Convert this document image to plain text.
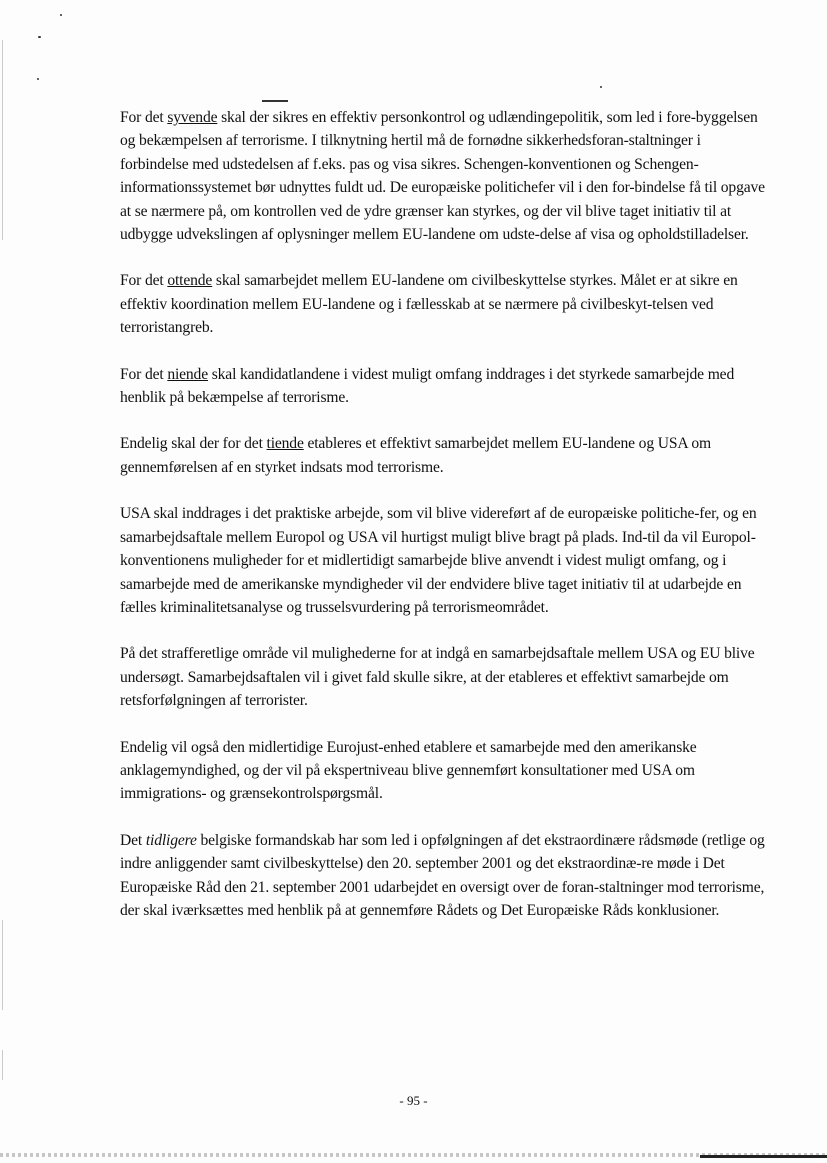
For det syvende skal der sikres en effektiv personkontrol og udlændingepolitik, som led i fore-byggelsen og bekæmpelsen af terrorisme. I tilknytning hertil må de fornødne sikkerhedsforan-staltninger i forbindelse med udstedelsen af f.eks. pas og visa sikres. Schengen-konventionen og Schengen-informationssystemet bør udnyttes fuldt ud. De europæiske politichefer vil i den for-bindelse få til opgave at se nærmere på, om kontrollen ved de ydre grænser kan styrkes, og der vil blive taget initiativ til at udbygge udvekslingen af oplysninger mellem EU-landene om udste-delse af visa og opholdstilladelser.

For det ottende skal samarbejdet mellem EU-landene om civilbeskyttelse styrkes. Målet er at sikre en effektiv koordination mellem EU-landene og i fællesskab at se nærmere på civilbeskyt-telsen ved terroristangreb.

For det niende skal kandidatlandene i videst muligt omfang inddrages i det styrkede samarbejde med henblik på bekæmpelse af terrorisme.

Endelig skal der for det tiende etableres et effektivt samarbejdet mellem EU-landene og USA om gennemførelsen af en styrket indsats mod terrorisme.

USA skal inddrages i det praktiske arbejde, som vil blive videreført af de europæiske politiche-fer, og en samarbejdsaftale mellem Europol og USA vil hurtigst muligt blive bragt på plads. Ind-til da vil Europol-konventionens muligheder for et midlertidigt samarbejde blive anvendt i videst muligt omfang, og i samarbejde med de amerikanske myndigheder vil der endvidere blive taget initiativ til at udarbejde en fælles kriminalitetsanalyse og trusselsvurdering på terrorismeområdet.

På det strafferetlige område vil mulighederne for at indgå en samarbejdsaftale mellem USA og EU blive undersøgt. Samarbejdsaftalen vil i givet fald skulle sikre, at der etableres et effektivt samarbejde om retsforfølgningen af terrorister.

Endelig vil også den midlertidige Eurojust-enhed etablere et samarbejde med den amerikanske anklagemyndighed, og der vil på ekspertniveau blive gennemført konsultationer med USA om immigrations- og grænsekontrolspørgsmål.

Det tidligere belgiske formandskab har som led i opfølgningen af det ekstraordinære rådsmøde (retlige og indre anliggender samt civilbeskyttelse) den 20. september 2001 og det ekstraordinæ-re møde i Det Europæiske Råd den 21. september 2001 udarbejdet en oversigt over de foran-staltninger mod terrorisme, der skal iværksættes med henblik på at gennemføre Rådets og Det Europæiske Råds konklusioner.

- 95 -
